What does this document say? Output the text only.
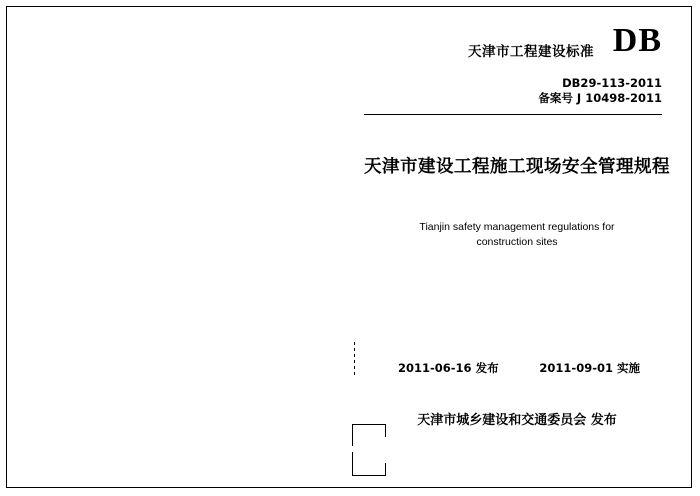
天津市工程建设标准 DB
DB29-113-2011
备案号 J 10498-2011
天津市建设工程施工现场安全管理规程
Tianjin safety management regulations for
construction sites
2011-06-16 发布	2011-09-01 实施
天津市城乡建设和交通委员会 发布
